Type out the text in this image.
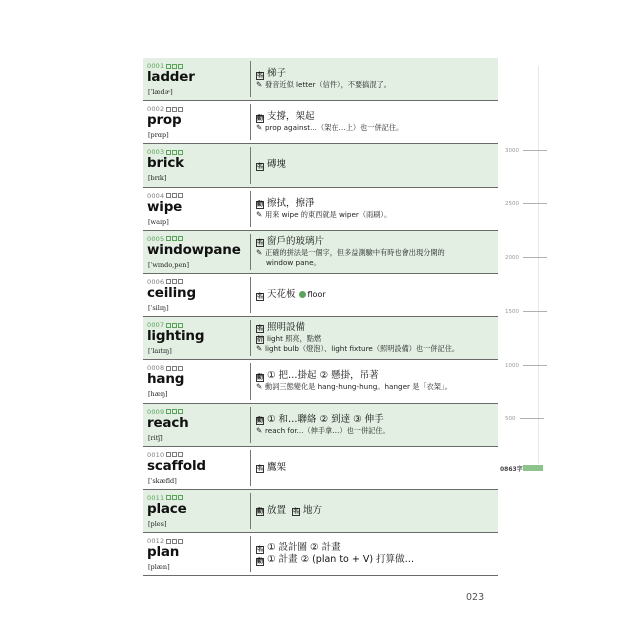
0001
ladder
[ˈlædɚ]
名 梯子
✎ 發音近似 letter（信件），不要搞混了。
0002
prop
[prɑp]
動 支撐，架起
✎ prop against...（架在…上）也一併記住。
0003
brick
[brɪk]
名 磚塊
0004
wipe
[waɪp]
動 擦拭，擦淨
✎ 用來 wipe 的東西就是 wiper（雨刷）。
0005
windowpane
[ˈwɪndo,pen]
名 窗戶的玻璃片
✎ 正確的拼法是一個字，但多益測驗中有時也會出現分開的
window pane。
0006
ceiling
[ˈsilɪŋ]
名 天花板 floor
0007
lighting
[ˈlaɪtɪŋ]
名 照明設備
衍 light 照亮，點燃
✎ light bulb（燈泡）、light fixture（照明設備）也一併記住。
0008
hang
[hæŋ]
動 ① 把…掛起 ② 懸掛，吊著
✎ 動詞三態變化是 hang-hung-hung。hanger 是「衣架」。
0009
reach
[ritʃ]
動 ① 和…聯絡 ② 到達 ③ 伸手
✎ reach for...（伸手拿…）也一併記住。
0010
scaffold
[ˈskæfld]
名 鷹架
0011
place
[ples]
動 放置 名 地方
0012
plan
[plæn]
名 ① 設計圖 ② 計畫
動 ① 計畫 ② (plan to + V) 打算做…
3000
2500
2000
1500
1000
500
0863字
023
